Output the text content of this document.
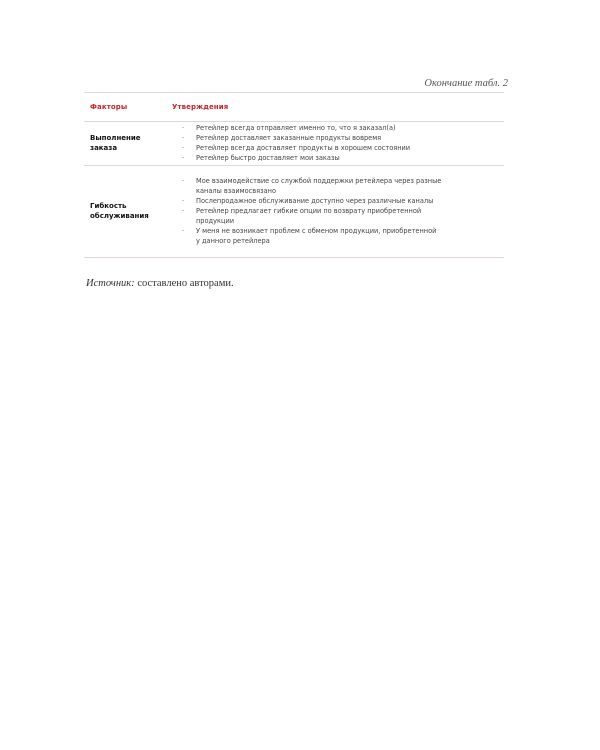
Окончание табл. 2
Факторы	Утверждения
Выполнение
заказа
· Ретейлер всегда отправляет именно то, что я заказал(а)
· Ретейлер доставляет заказанные продукты вовремя
· Ретейлер всегда доставляет продукты в хорошем состоянии
· Ретейлер быстро доставляет мои заказы
Гибкость
обслуживания
· Мое взаимодействие со службой поддержки ретейлера через разные
каналы взаимосвязано
· Послепродажное обслуживание доступно через различные каналы
· Ретейлер предлагает гибкие опции по возврату приобретенной
продукции
· У меня не возникает проблем с обменом продукции, приобретенной
у данного ретейлера
Источник: составлено авторами.
